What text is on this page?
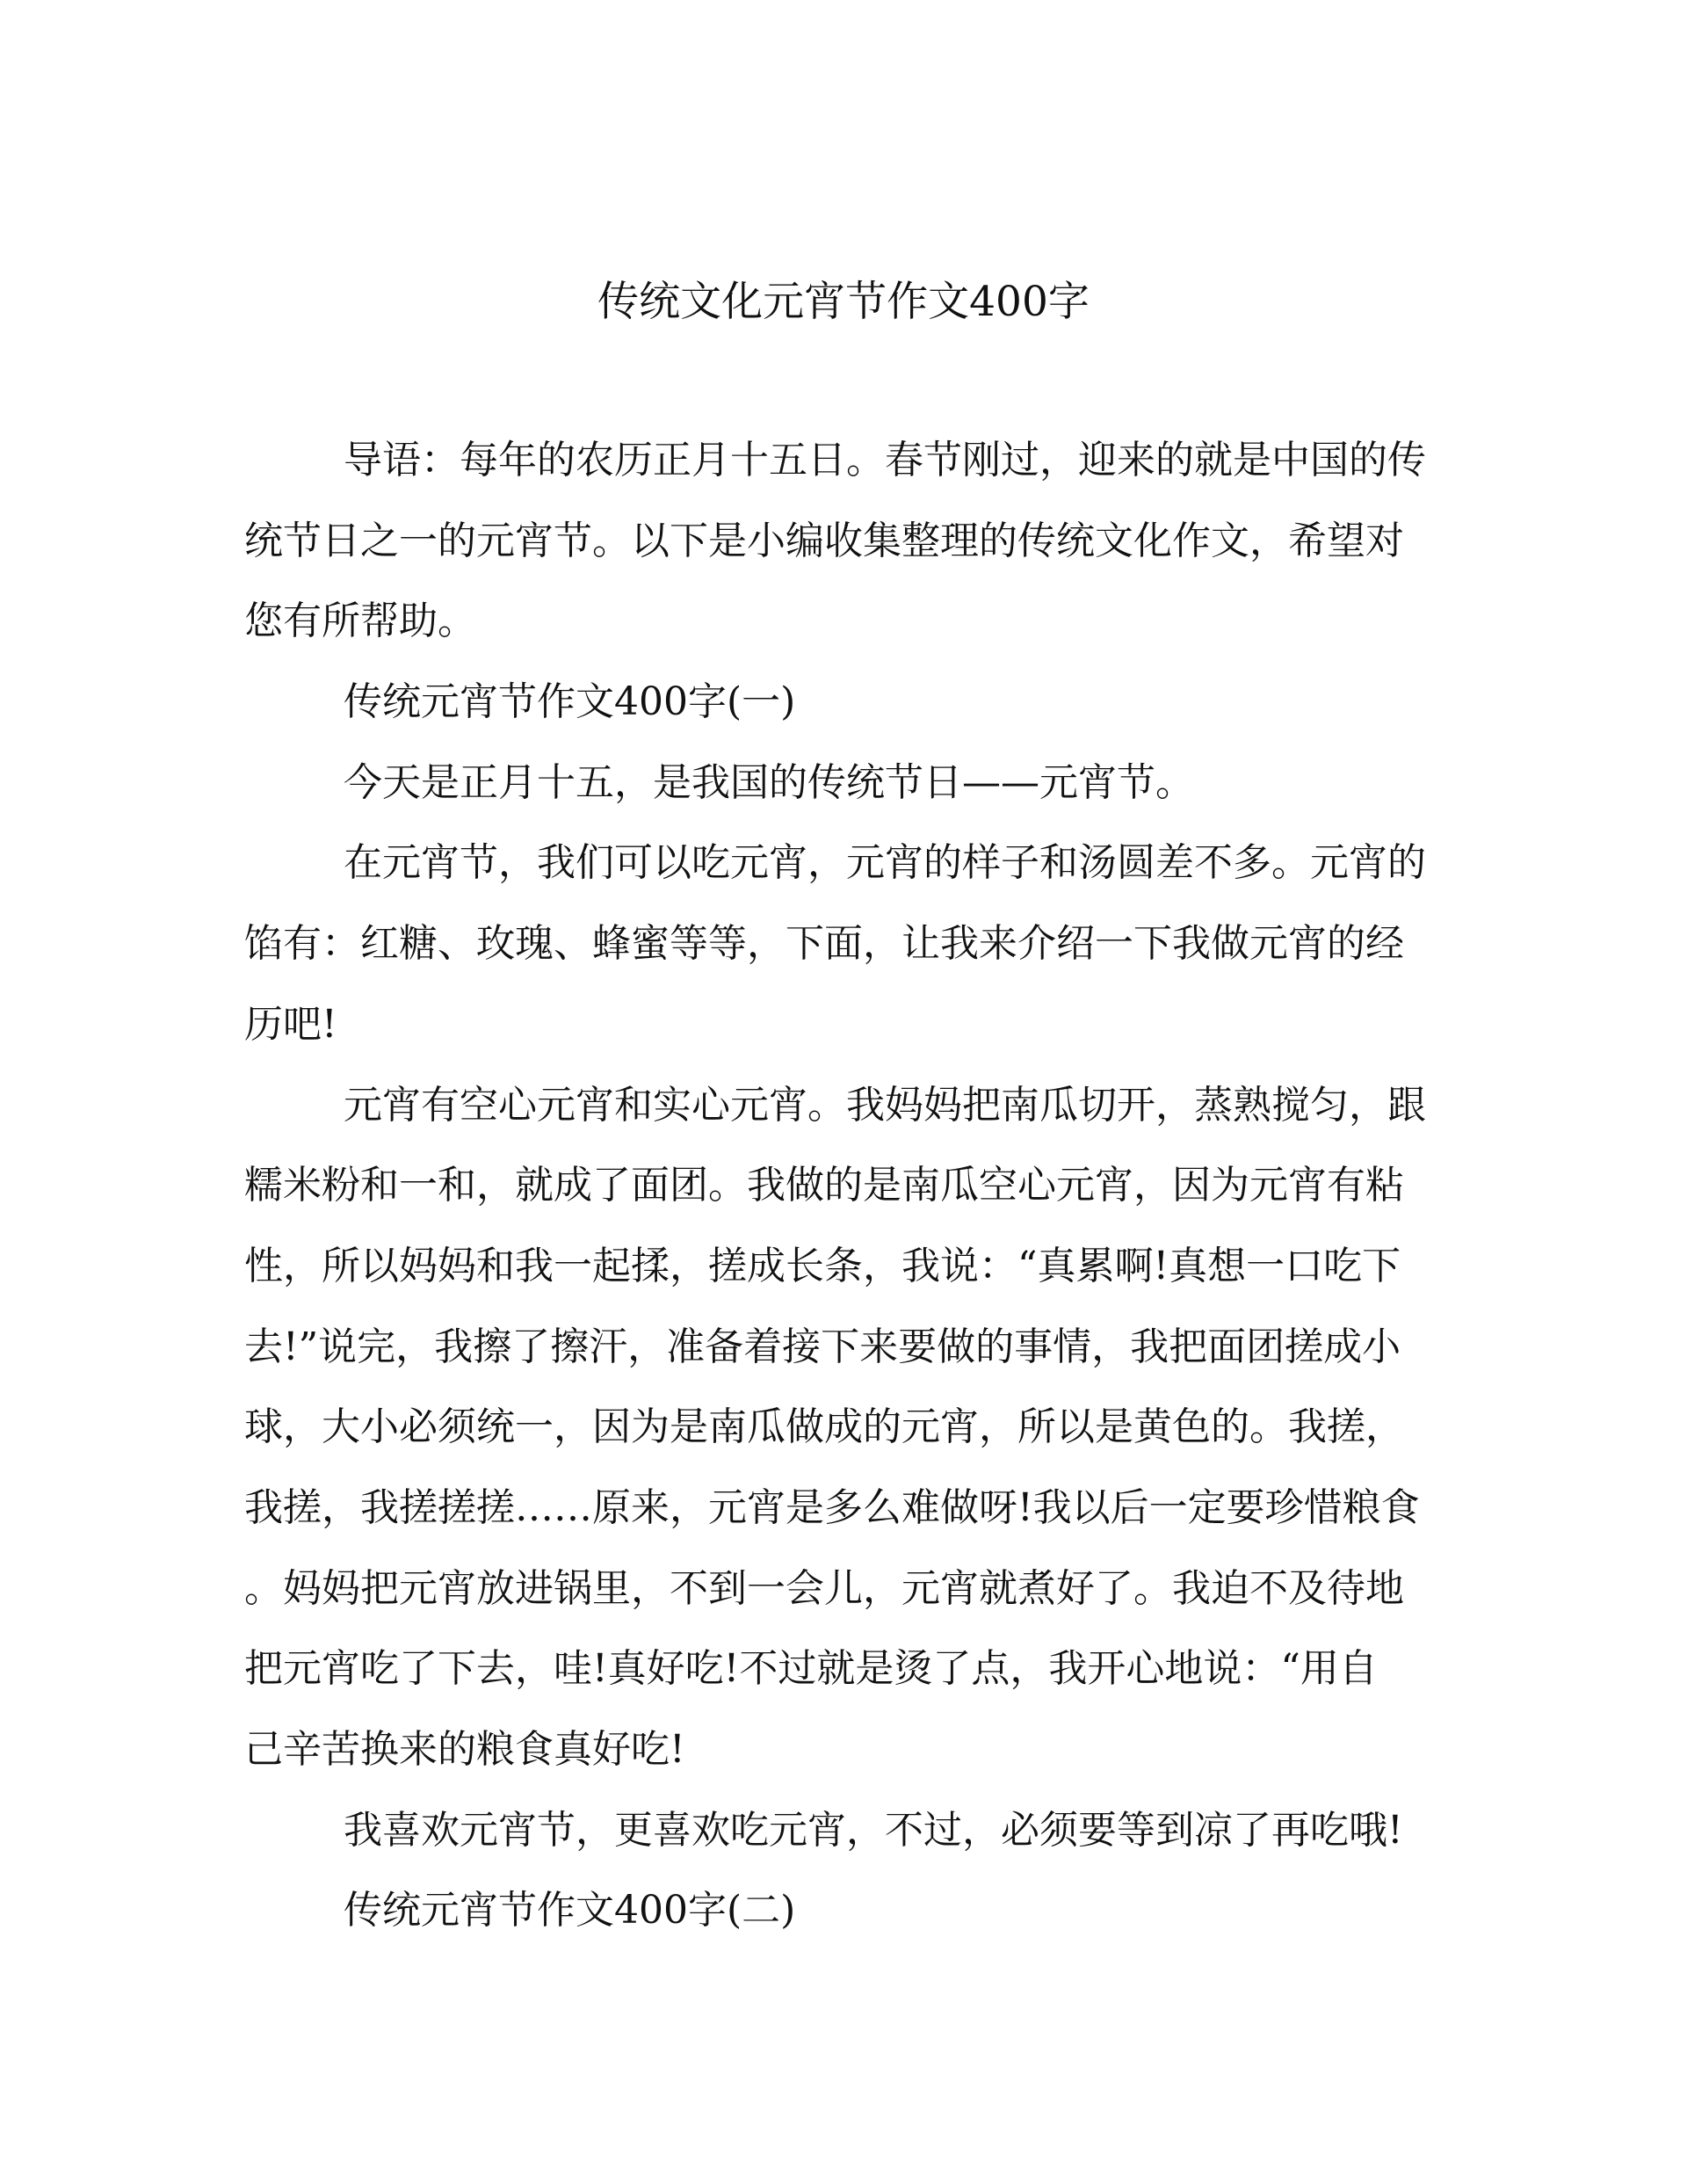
传统文化元宵节作文400字
导语：每年的农历正月十五日。春节刚过，迎来的就是中国的传
统节日之一的元宵节。以下是小编收集整理的传统文化作文，希望对
您有所帮助。
传统元宵节作文400字(一)
今天是正月十五，是我国的传统节日——元宵节。
在元宵节，我们可以吃元宵，元宵的样子和汤圆差不多。元宵的
馅有：红糖、玫瑰、蜂蜜等等，下面，让我来介绍一下我做元宵的经
历吧!
元宵有空心元宵和实心元宵。我妈妈把南瓜切开，蒸熟搅匀，跟
糯米粉和一和，就成了面团。我做的是南瓜空心元宵，因为元宵有粘
性，所以妈妈和我一起揉，搓成长条，我说：“真累啊!真想一口吃下
去!”说完，我擦了擦汗，准备着接下来要做的事情，我把面团搓成小
球，大小必须统一，因为是南瓜做成的元宵，所以是黄色的。我搓，
我搓，我搓搓搓……原来，元宵是多么难做呀!我以后一定要珍惜粮食
。妈妈把元宵放进锅里，不到一会儿，元宵就煮好了。我迫不及待地
把元宵吃了下去，哇!真好吃!不过就是烫了点，我开心地说：“用自
己辛苦换来的粮食真好吃!
我喜欢元宵节，更喜欢吃元宵，不过，必须要等到凉了再吃哦!
传统元宵节作文400字(二)
